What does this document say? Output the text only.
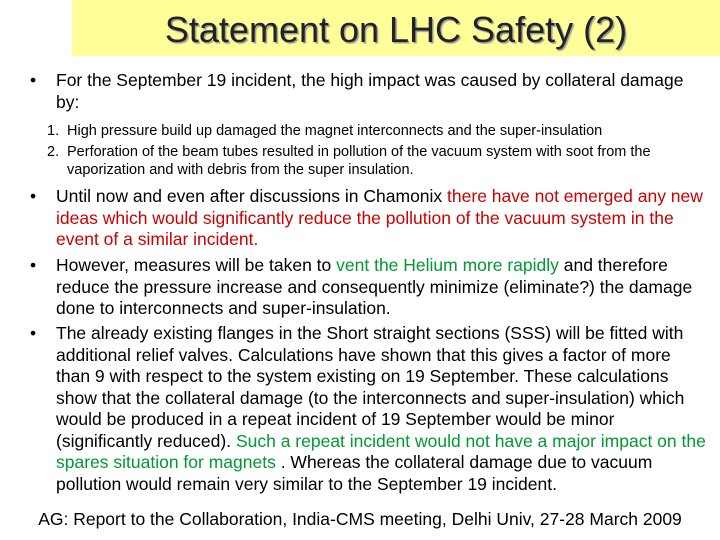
Statement on LHC Safety (2)
• For the September 19 incident, the high impact was caused by collateral damage by:
1. High pressure build up damaged the magnet interconnects and the super-insulation
2. Perforation of the beam tubes resulted in pollution of the vacuum system with soot from the vaporization and with debris from the super insulation.
• Until now and even after discussions in Chamonix there have not emerged any new ideas which would significantly reduce the pollution of the vacuum system in the event of a similar incident.
• However, measures will be taken to vent the Helium more rapidly and therefore reduce the pressure increase and consequently minimize (eliminate?) the damage done to interconnects and super-insulation.
• The already existing flanges in the Short straight sections (SSS) will be fitted with additional relief valves. Calculations have shown that this gives a factor of more than 9 with respect to the system existing on 19 September. These calculations show that the collateral damage (to the interconnects and super-insulation) which would be produced in a repeat incident of 19 September would be minor (significantly reduced). Such a repeat incident would not have a major impact on the spares situation for magnets . Whereas the collateral damage due to vacuum pollution would remain very similar to the September 19 incident.
AG: Report to the Collaboration, India-CMS meeting, Delhi Univ, 27-28 March 2009
